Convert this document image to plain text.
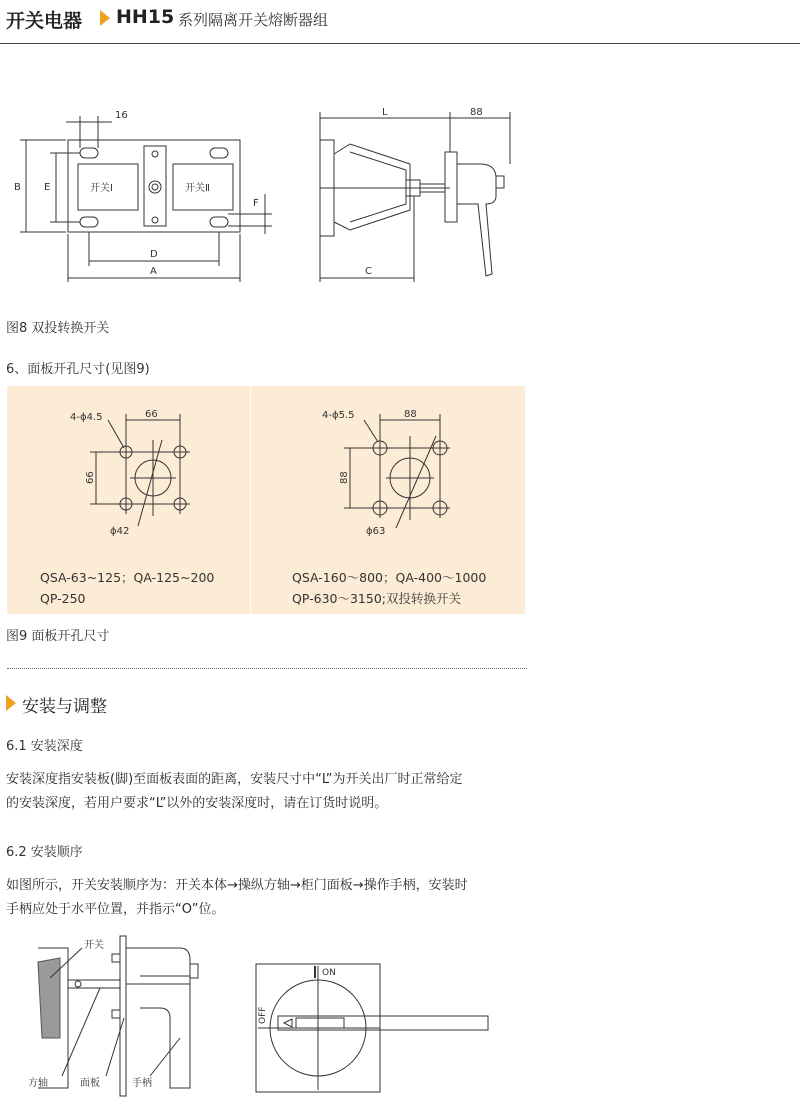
开关电器 HH15 系列隔离开关熔断器组
16
B E
D
A
F
开关Ⅰ	开关Ⅱ
L	88
C
图8 双投转换开关
6、面板开孔尺寸(见图9)
4-ϕ4.5	66
66
ϕ42
4-ϕ5.5	88
88
ϕ63
QSA-63~125；QA-125~200
QP-250
QSA-160～800；QA-400～1000
QP-630～3150;双投转换开关
图9 面板开孔尺寸
安装与调整
6.1 安装深度
安装深度指安装板(脚)至面板表面的距离，安装尺寸中“L”为开关出厂时正常给定
的安装深度，若用户要求“L”以外的安装深度时，请在订货时说明。
6.2 安装顺序
如图所示，开关安装顺序为：开关本体→操纵方轴→柜门面板→操作手柄，安装时
手柄应处于水平位置，并指示“O”位。
开关
方轴	面板	手柄
ON
OFF
